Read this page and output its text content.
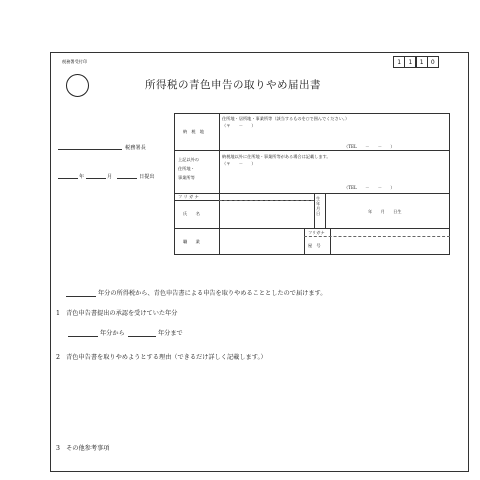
税務署受付印	1	1	1	0
所得税の青色申告の取りやめ届出書
税務署長
年	月	日提出
納　税　地
住所地・居所地・事業所等（該当するものを○で囲んでください。）
（〒　　－　　）
（TEL　　－　　－　　）
上記以外の
住所地・
事業所等
納税地以外に住所地・事業所等がある場合は記載します。
（〒　　－　　）
（TEL　　－　　－　　）
フ リ ガ ナ
氏　　名
生年月日	年　　月　　日生
職　　業
フリガナ
屋　号
年分の所得税から、青色申告書による申告を取りやめることとしたので届けます。
1　青色申告書提出の承認を受けていた年分
年分から	年分まで
2　青色申告書を取りやめようとする理由（できるだけ詳しく記載します。）
3　その他参考事項
